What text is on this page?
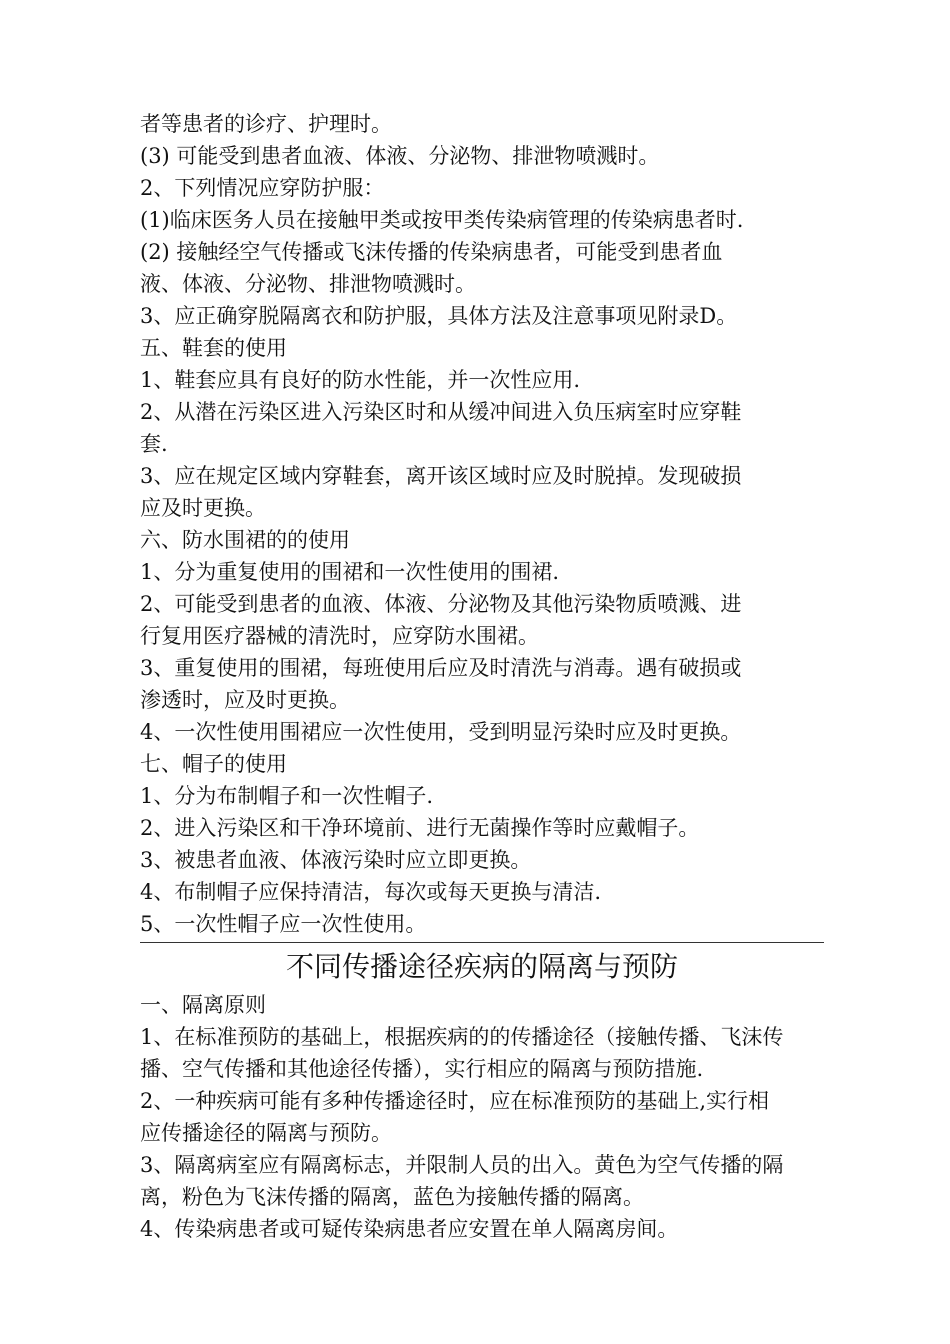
者等患者的诊疗、护理时。
(3) 可能受到患者血液、体液、分泌物、排泄物喷溅时。
2、下列情况应穿防护服：
(1)临床医务人员在接触甲类或按甲类传染病管理的传染病患者时.
(2) 接触经空气传播或飞沫传播的传染病患者，可能受到患者血
液、体液、分泌物、排泄物喷溅时。
3、应正确穿脱隔离衣和防护服，具体方法及注意事项见附录D。
五、鞋套的使用
1、鞋套应具有良好的防水性能，并一次性应用.
2、从潜在污染区进入污染区时和从缓冲间进入负压病室时应穿鞋
套.
3、应在规定区域内穿鞋套，离开该区域时应及时脱掉。发现破损
应及时更换。
六、防水围裙的的使用
1、分为重复使用的围裙和一次性使用的围裙.
2、可能受到患者的血液、体液、分泌物及其他污染物质喷溅、进
行复用医疗器械的清洗时，应穿防水围裙。
3、重复使用的围裙，每班使用后应及时清洗与消毒。遇有破损或
渗透时，应及时更换。
4、一次性使用围裙应一次性使用，受到明显污染时应及时更换。
七、帽子的使用
1、分为布制帽子和一次性帽子.
2、进入污染区和干净环境前、进行无菌操作等时应戴帽子。
3、被患者血液、体液污染时应立即更换。
4、布制帽子应保持清洁，每次或每天更换与清洁.
5、一次性帽子应一次性使用。
不同传播途径疾病的隔离与预防
一、隔离原则
1、在标准预防的基础上，根据疾病的的传播途径（接触传播、飞沫传
播、空气传播和其他途径传播），实行相应的隔离与预防措施.
2、一种疾病可能有多种传播途径时，应在标准预防的基础上,实行相
应传播途径的隔离与预防。
3、隔离病室应有隔离标志，并限制人员的出入。黄色为空气传播的隔
离，粉色为飞沫传播的隔离，蓝色为接触传播的隔离。
4、传染病患者或可疑传染病患者应安置在单人隔离房间。
